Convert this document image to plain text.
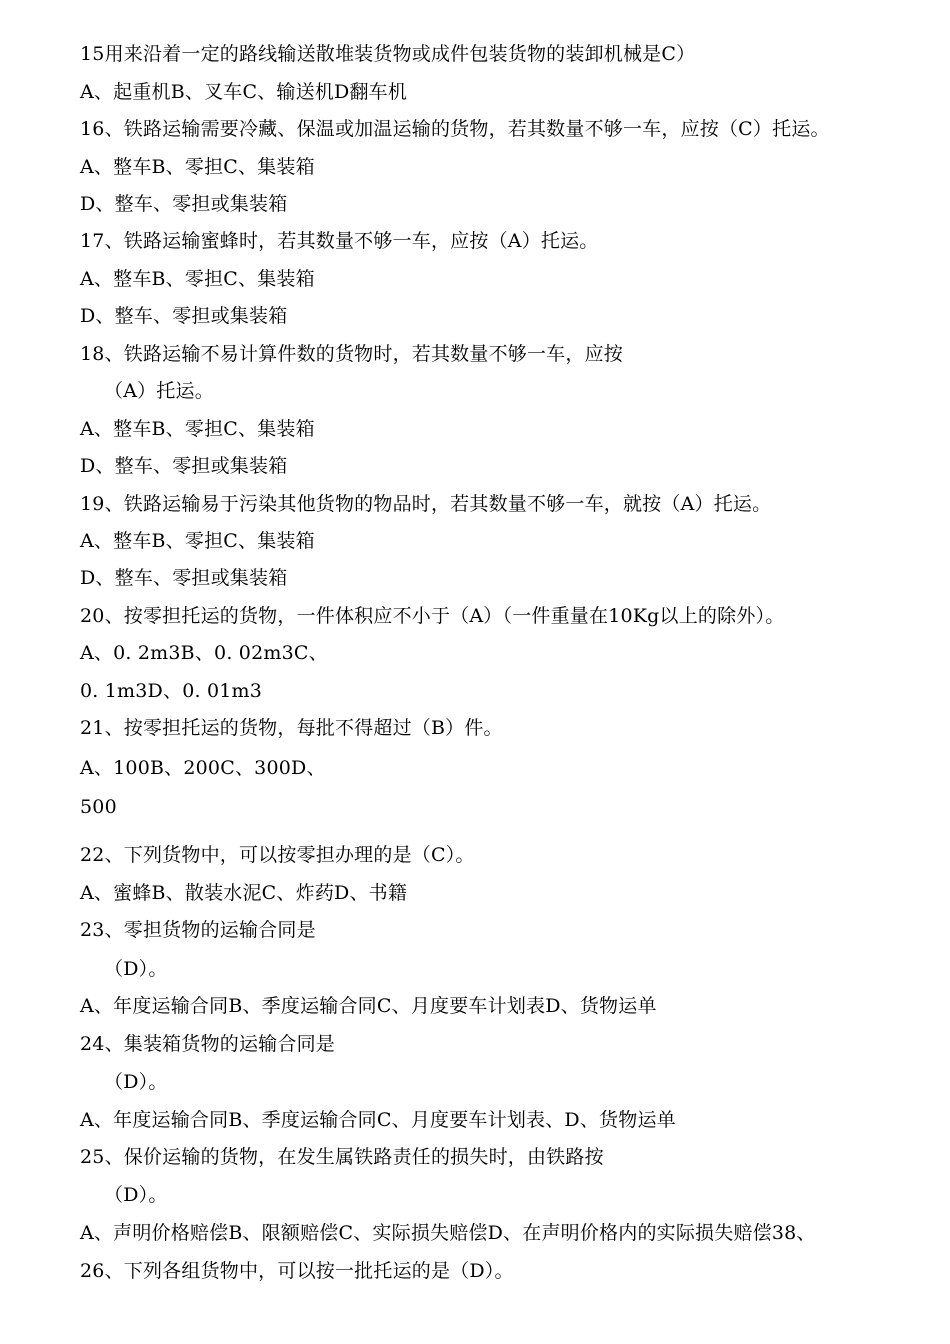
15用来沿着一定的路线输送散堆装货物或成件包装货物的装卸机械是C）
A、起重机B、叉车C、输送机D翻车机
16、铁路运输需要冷藏、保温或加温运输的货物，若其数量不够一车，应按（C）托运。
A、整车B、零担C、集装箱
D、整车、零担或集装箱
17、铁路运输蜜蜂时，若其数量不够一车，应按（A）托运。
A、整车B、零担C、集装箱
D、整车、零担或集装箱
18、铁路运输不易计算件数的货物时，若其数量不够一车，应按
（A）托运。
A、整车B、零担C、集装箱
D、整车、零担或集装箱
19、铁路运输易于污染其他货物的物品时，若其数量不够一车，就按（A）托运。
A、整车B、零担C、集装箱
D、整车、零担或集装箱
20、按零担托运的货物，一件体积应不小于（A）（一件重量在10Kg以上的除外）。
A、0. 2m3B、0. 02m3C、
0. 1m3D、0. 01m3
21、按零担托运的货物，每批不得超过（B）件。
A、100B、200C、300D、
500
22、下列货物中，可以按零担办理的是（C）。
A、蜜蜂B、散装水泥C、炸药D、书籍
23、零担货物的运输合同是
（D）。
A、年度运输合同B、季度运输合同C、月度要车计划表D、货物运单
24、集装箱货物的运输合同是
（D）。
A、年度运输合同B、季度运输合同C、月度要车计划表、D、货物运单
25、保价运输的货物，在发生属铁路责任的损失时，由铁路按
（D）。
A、声明价格赔偿B、限额赔偿C、实际损失赔偿D、在声明价格内的实际损失赔偿38、
26、下列各组货物中，可以按一批托运的是（D）。
